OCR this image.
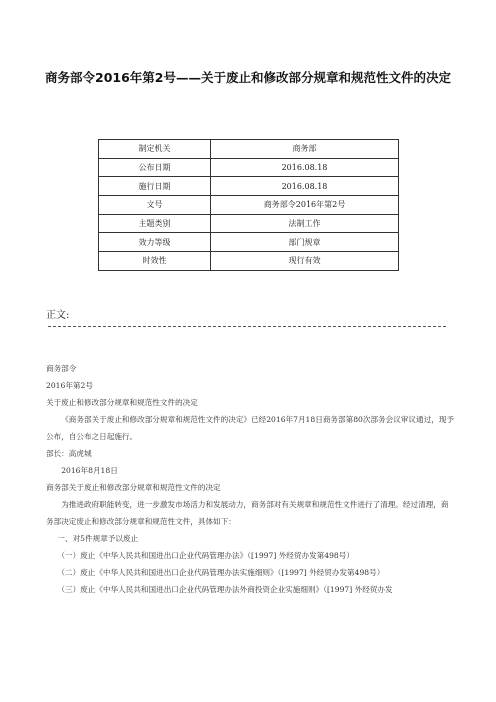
商务部令2016年第2号——关于废止和修改部分规章和规范性文件的决定
制定机关	商务部
公布日期	2016.08.18
施行日期	2016.08.18
文号	商务部令2016年第2号
主题类别	法制工作
效力等级	部门规章
时效性	现行有效
正文:

商务部令

2016年第2号

关于废止和修改部分规章和规范性文件的决定

《商务部关于废止和修改部分规章和规范性文件的决定》已经2016年7月18日商务部第80次部务会议审议通过，现予公布，自公布之日起施行。

部长：高虎城

2016年8月18日

商务部关于废止和修改部分规章和规范性文件的决定

为推进政府职能转变，进一步激发市场活力和发展动力，商务部对有关规章和规范性文件进行了清理。经过清理，商务部决定废止和修改部分规章和规范性文件，具体如下：

一、对5件规章予以废止

（一）废止《中华人民共和国进出口企业代码管理办法》（[1997] 外经贸办发第498号）

（二）废止《中华人民共和国进出口企业代码管理办法实施细则》（[1997] 外经贸办发第498号）

（三）废止《中华人民共和国进出口企业代码管理办法外商投资企业实施细则》（[1997] 外经贸办发
